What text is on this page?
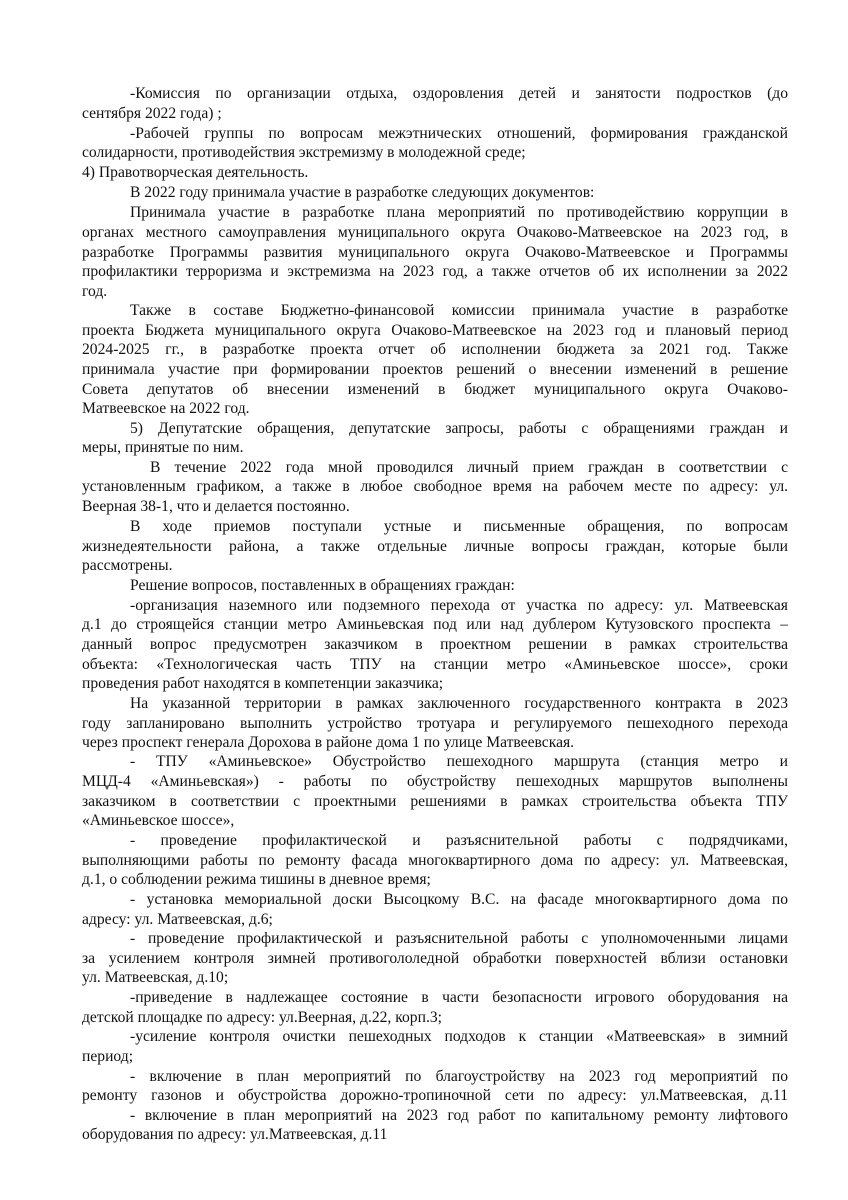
-Комиссия по организации отдыха, оздоровления детей и занятости подростков (до

сентября 2022 года) ;

-Рабочей группы по вопросам межэтнических отношений, формирования гражданской

солидарности, противодействия экстремизму в молодежной среде;

4) Правотворческая деятельность.

В 2022 году принимала участие в разработке следующих документов:

Принимала участие в разработке плана мероприятий по противодействию коррупции в

органах местного самоуправления муниципального округа Очаково-Матвеевское на 2023 год, в

разработке Программы развития муниципального округа Очаково-Матвеевское и Программы

профилактики терроризма и экстремизма на 2023 год, а также отчетов об их исполнении за 2022

год.

Также в составе Бюджетно-финансовой комиссии принимала участие в разработке

проекта Бюджета муниципального округа Очаково-Матвеевское на 2023 год и плановый период

2024-2025 гг., в разработке проекта отчет об исполнении бюджета за 2021 год. Также

принимала участие при формировании проектов решений о внесении изменений в решение

Совета депутатов об внесении изменений в бюджет муниципального округа Очаково-

Матвеевское на 2022 год.

5) Депутатские обращения, депутатские запросы, работы с обращениями граждан и

меры, принятые по ним.

В течение 2022 года мной проводился личный прием граждан в соответствии с

установленным графиком, а также в любое свободное время на рабочем месте по адресу: ул.

Веерная 38-1, что и делается постоянно.

В ходе приемов поступали устные и письменные обращения, по вопросам

жизнедеятельности района, а также отдельные личные вопросы граждан, которые были

рассмотрены.

Решение вопросов, поставленных в обращениях граждан:

-организация наземного или подземного перехода от участка по адресу: ул. Матвеевская

д.1 до строящейся станции метро Аминьевская под или над дублером Кутузовского проспекта –

данный вопрос предусмотрен заказчиком в проектном решении в рамках строительства

объекта: «Технологическая часть ТПУ на станции метро «Аминьевское шоссе», сроки

проведения работ находятся в компетенции заказчика;

На указанной территории в рамках заключенного государственного контракта в 2023

году запланировано выполнить устройство тротуара и регулируемого пешеходного перехода

через проспект генерала Дорохова в районе дома 1 по улице Матвеевская.

- ТПУ «Аминьевское» Обустройство пешеходного маршрута (станция метро и

МЦД-4 «Аминьевская») - работы по обустройству пешеходных маршрутов выполнены

заказчиком в соответствии с проектными решениями в рамках строительства объекта ТПУ

«Аминьевское шоссе»,

- проведение профилактической и разъяснительной работы с подрядчиками,

выполняющими работы по ремонту фасада многоквартирного дома по адресу: ул. Матвеевская,

д.1, о соблюдении режима тишины в дневное время;

- установка мемориальной доски Высоцкому В.С. на фасаде многоквартирного дома по

адресу: ул. Матвеевская, д.6;

- проведение профилактической и разъяснительной работы с уполномоченными лицами

за усилением контроля зимней противогололедной обработки поверхностей вблизи остановки

ул. Матвеевская, д.10;

-приведение в надлежащее состояние в части безопасности игрового оборудования на

детской площадке по адресу: ул.Веерная, д.22, корп.3;

-усиление контроля очистки пешеходных подходов к станции «Матвеевская» в зимний

период;

- включение в план мероприятий по благоустройству на 2023 год мероприятий по

ремонту газонов и обустройства дорожно-тропиночной сети по адресу: ул.Матвеевская, д.11

- включение в план мероприятий на 2023 год работ по капитальному ремонту лифтового

оборудования по адресу: ул.Матвеевская, д.11
